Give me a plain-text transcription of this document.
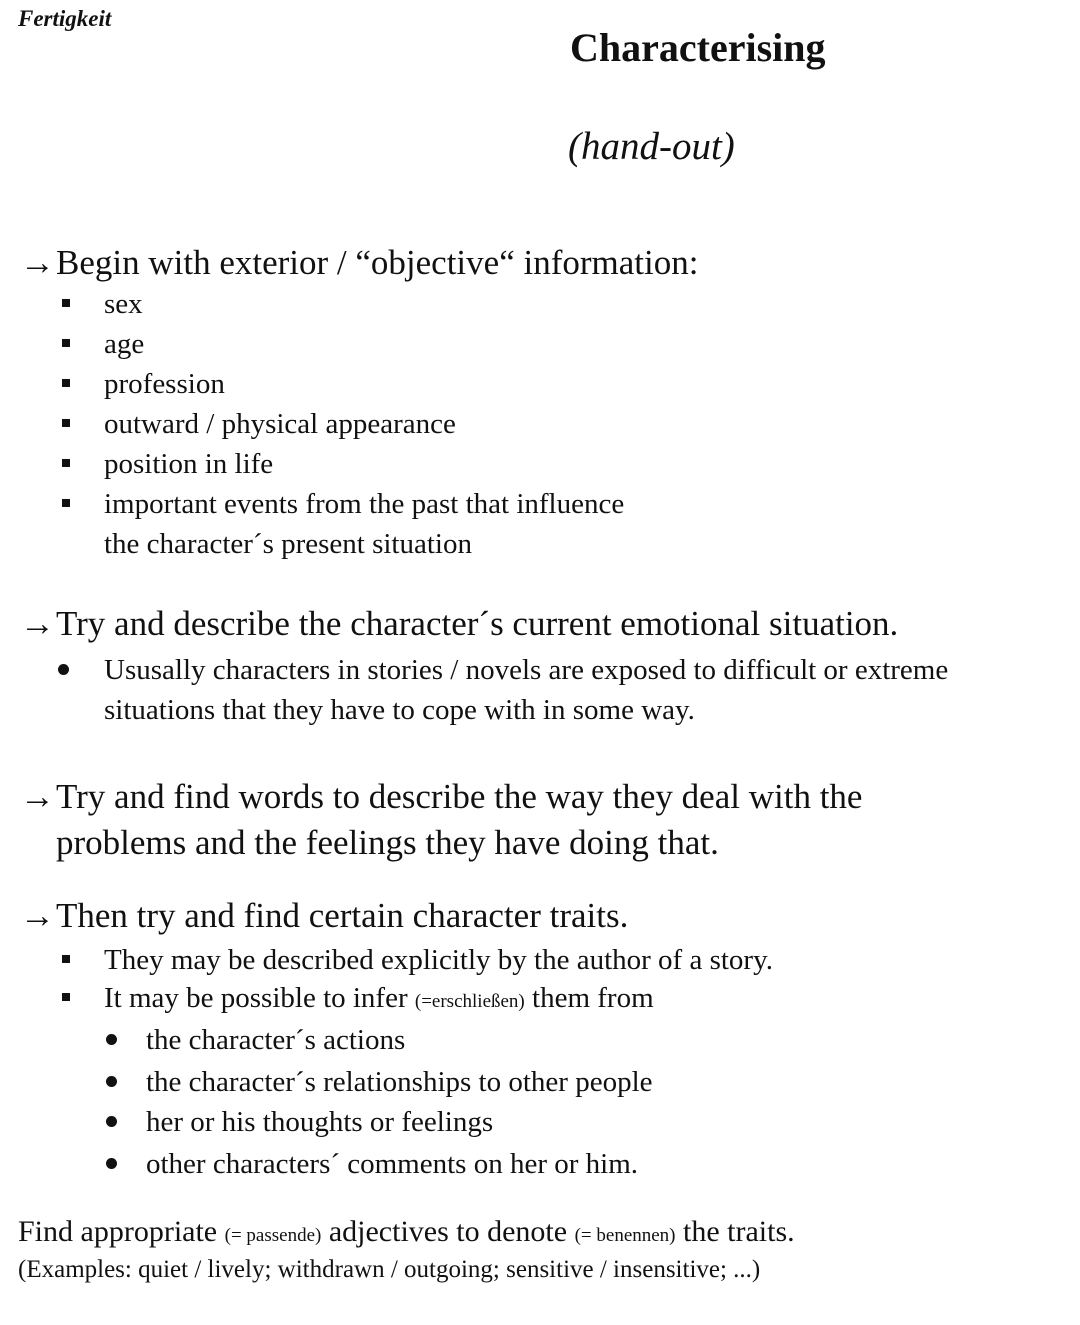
Fertigkeit
Characterising
(hand-out)
→Begin with exterior / “objective“ information:
sex
age
profession
outward / physical appearance
position in life
important events from the past that influence
the character´s present situation
→Try and describe the character´s current emotional situation.
Ususally characters in stories / novels are exposed to difficult or extreme
situations that they have to cope with in some way.
→Try and find words to describe the way they deal with the
problems and the feelings they have doing that.
→Then try and find certain character traits.
They may be described explicitly by the author of a story.
It may be possible to infer (=erschließen) them from
the character´s actions
the character´s relationships to other people
her or his thoughts or feelings
other characters´ comments on her or him.
Find appropriate (= passende) adjectives to denote (= benennen) the traits.
(Examples: quiet / lively; withdrawn / outgoing; sensitive / insensitive; ...)
